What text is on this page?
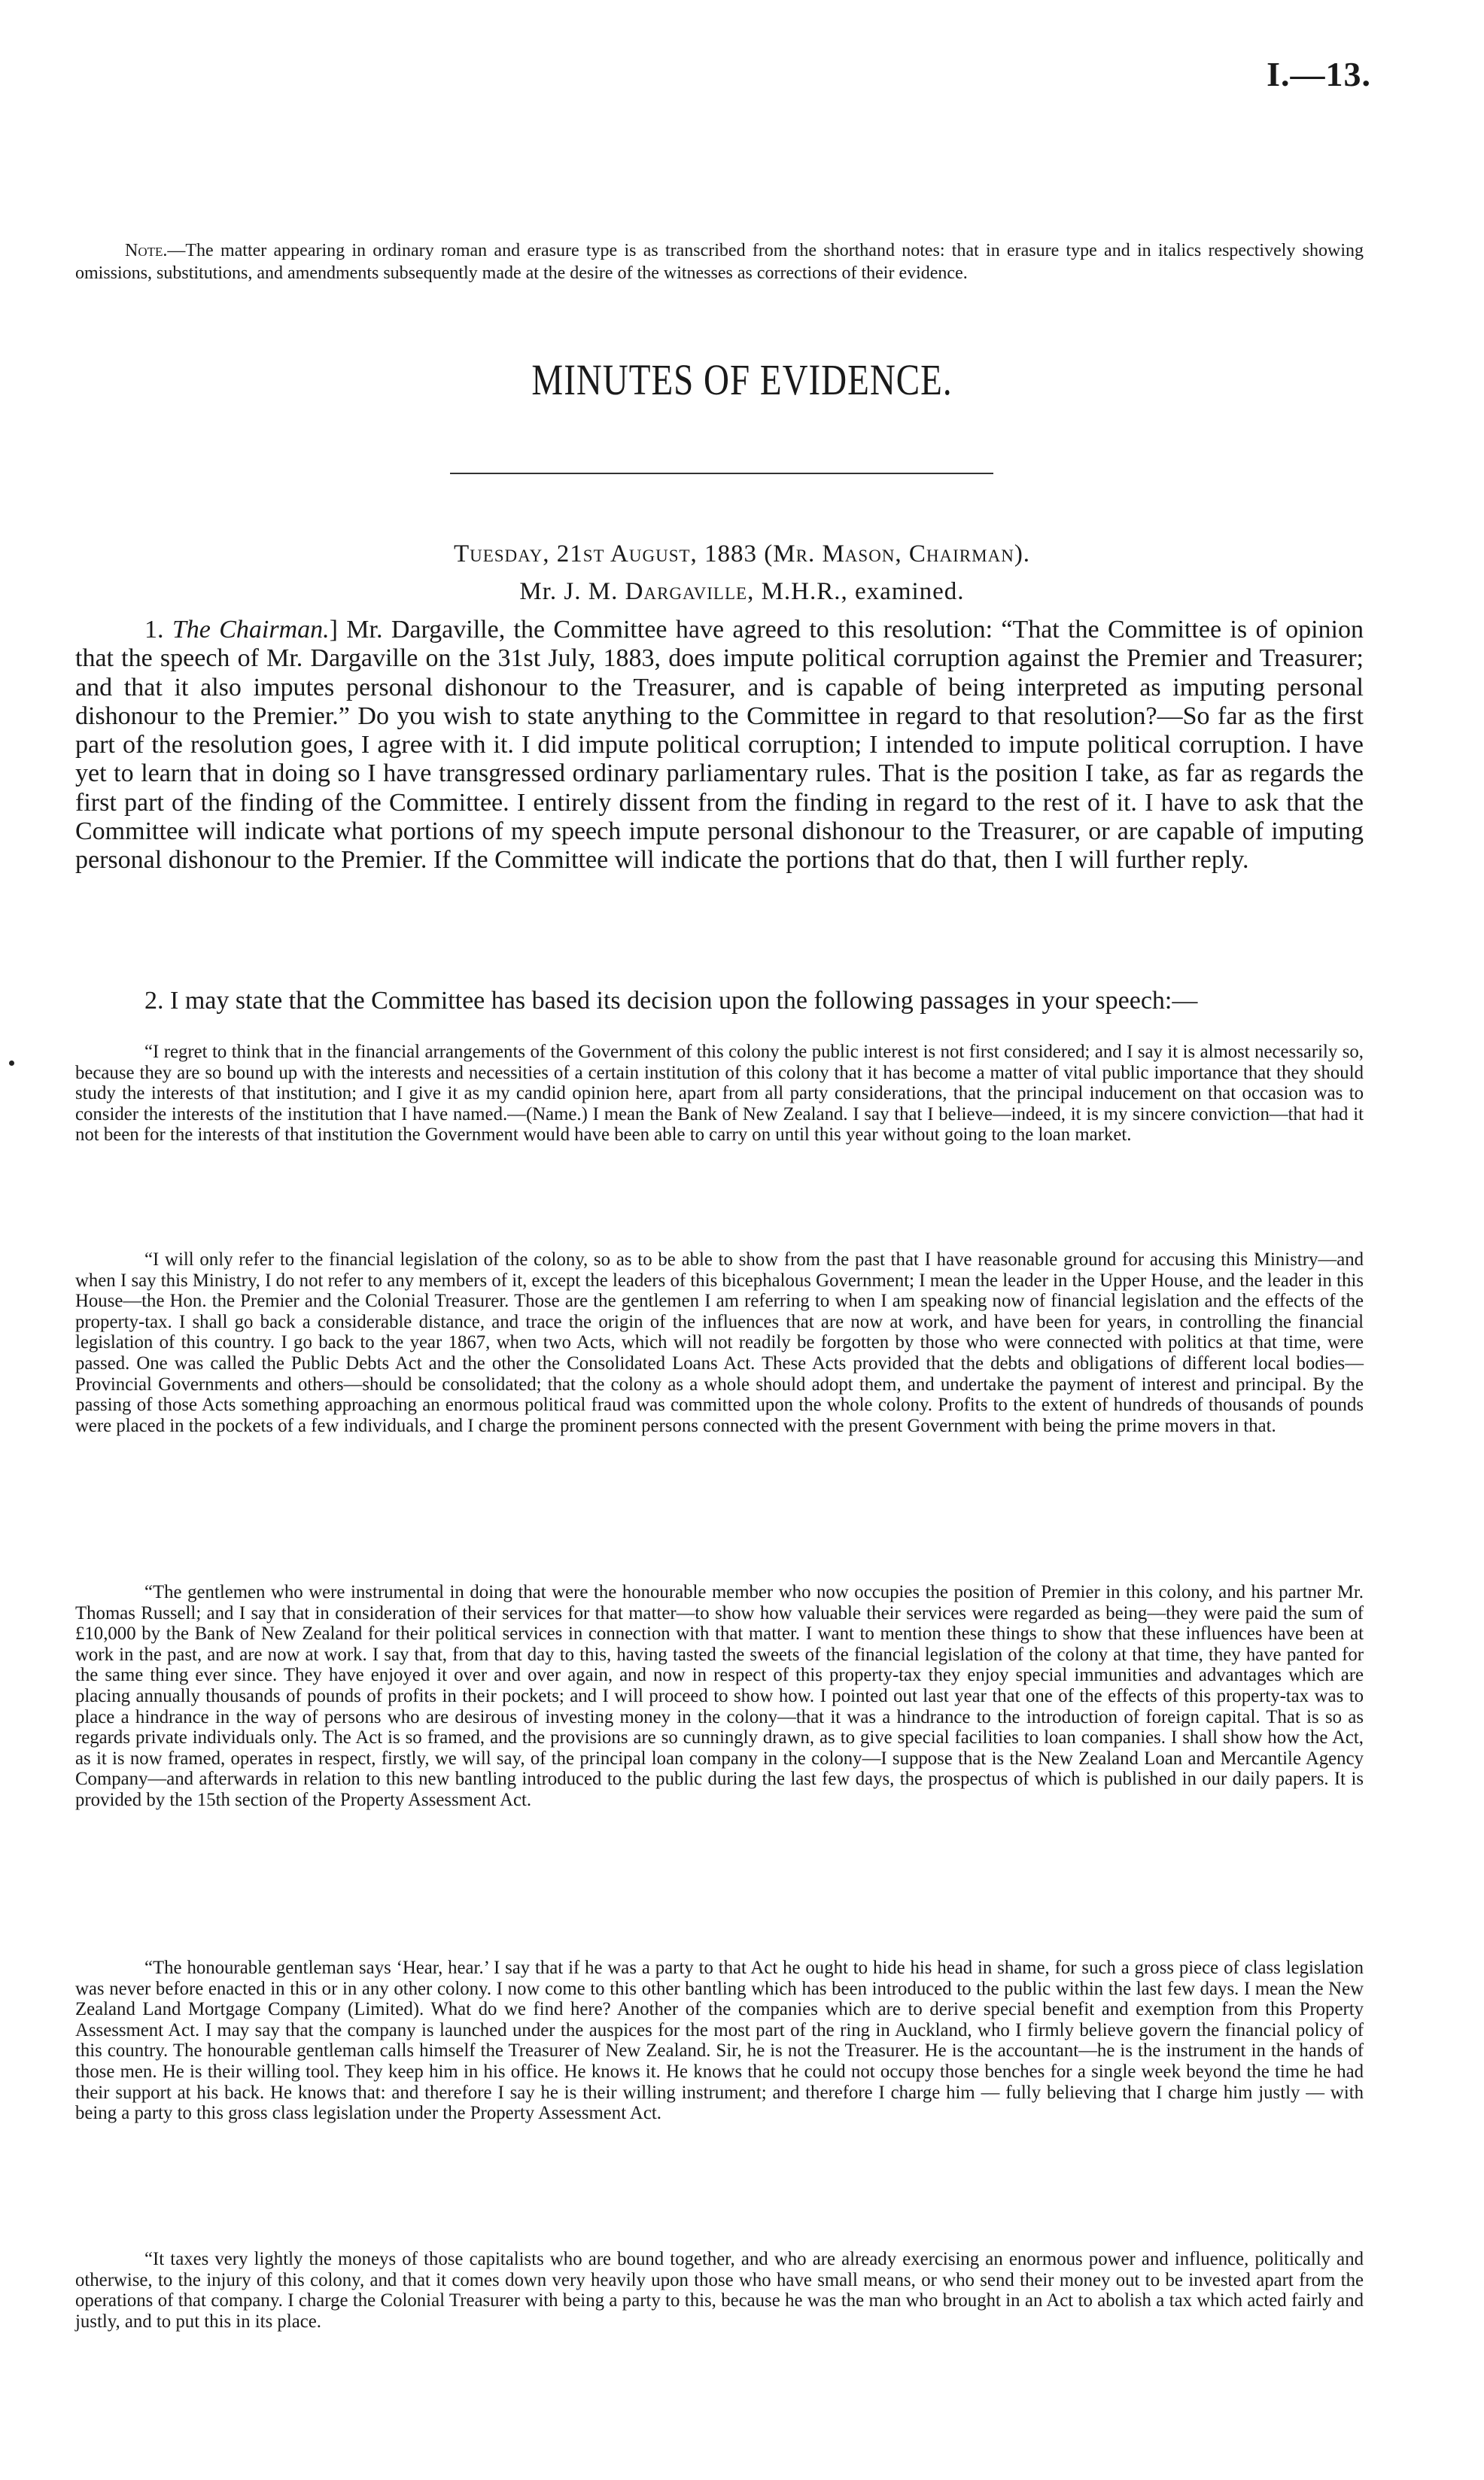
I.—13.
Note.—The matter appearing in ordinary roman and erasure type is as transcribed from the shorthand notes: that in erasure type and in italics respectively showing omissions, substitutions, and amendments subsequently made at the desire of the witnesses as corrections of their evidence.
MINUTES OF EVIDENCE.
Tuesday, 21st August, 1883 (Mr. Mason, Chairman).
Mr. J. M. Dargaville, M.H.R., examined.

1. The Chairman.] Mr. Dargaville, the Committee have agreed to this resolution: “That the Committee is of opinion that the speech of Mr. Dargaville on the 31st July, 1883, does impute political corruption against the Premier and Treasurer; and that it also imputes personal dishonour to the Treasurer, and is capable of being interpreted as imputing personal dishonour to the Premier.” Do you wish to state anything to the Committee in regard to that resolution?—So far as the first part of the resolution goes, I agree with it. I did impute political corruption; I intended to impute political corruption. I have yet to learn that in doing so I have transgressed ordinary parliamentary rules. That is the position I take, as far as regards the first part of the finding of the Committee. I entirely dissent from the finding in regard to the rest of it. I have to ask that the Committee will indicate what portions of my speech impute personal dishonour to the Treasurer, or are capable of imputing personal dishonour to the Premier. If the Committee will indicate the portions that do that, then I will further reply.

2. I may state that the Committee has based its decision upon the following passages in your speech:—

“I regret to think that in the financial arrangements of the Government of this colony the public interest is not first considered; and I say it is almost necessarily so, because they are so bound up with the interests and necessities of a certain institution of this colony that it has become a matter of vital public importance that they should study the interests of that institution; and I give it as my candid opinion here, apart from all party considerations, that the principal inducement on that occasion was to consider the interests of the institution that I have named.—(Name.) I mean the Bank of New Zealand. I say that I believe—indeed, it is my sincere conviction—that had it not been for the interests of that institution the Government would have been able to carry on until this year without going to the loan market.

“I will only refer to the financial legislation of the colony, so as to be able to show from the past that I have reasonable ground for accusing this Ministry—and when I say this Ministry, I do not refer to any members of it, except the leaders of this bicephalous Government; I mean the leader in the Upper House, and the leader in this House—the Hon. the Premier and the Colonial Treasurer. Those are the gentlemen I am referring to when I am speaking now of financial legislation and the effects of the property-tax. I shall go back a considerable distance, and trace the origin of the influences that are now at work, and have been for years, in controlling the financial legislation of this country. I go back to the year 1867, when two Acts, which will not readily be forgotten by those who were connected with politics at that time, were passed. One was called the Public Debts Act and the other the Consolidated Loans Act. These Acts provided that the debts and obligations of different local bodies—Provincial Governments and others—should be consolidated; that the colony as a whole should adopt them, and undertake the payment of interest and principal. By the passing of those Acts something approaching an enormous political fraud was committed upon the whole colony. Profits to the extent of hundreds of thousands of pounds were placed in the pockets of a few individuals, and I charge the prominent persons connected with the present Government with being the prime movers in that.

“The gentlemen who were instrumental in doing that were the honourable member who now occupies the position of Premier in this colony, and his partner Mr. Thomas Russell; and I say that in consideration of their services for that matter—to show how valuable their services were regarded as being—they were paid the sum of £10,000 by the Bank of New Zealand for their political services in connection with that matter. I want to mention these things to show that these influences have been at work in the past, and are now at work. I say that, from that day to this, having tasted the sweets of the financial legislation of the colony at that time, they have panted for the same thing ever since. They have enjoyed it over and over again, and now in respect of this property-tax they enjoy special immunities and advantages which are placing annually thousands of pounds of profits in their pockets; and I will proceed to show how. I pointed out last year that one of the effects of this property-tax was to place a hindrance in the way of persons who are desirous of investing money in the colony—that it was a hindrance to the introduction of foreign capital. That is so as regards private individuals only. The Act is so framed, and the provisions are so cunningly drawn, as to give special facilities to loan companies. I shall show how the Act, as it is now framed, operates in respect, firstly, we will say, of the principal loan company in the colony—I suppose that is the New Zealand Loan and Mercantile Agency Company—and afterwards in relation to this new bantling introduced to the public during the last few days, the prospectus of which is published in our daily papers. It is provided by the 15th section of the Property Assessment Act.

“The honourable gentleman says ‘Hear, hear.’ I say that if he was a party to that Act he ought to hide his head in shame, for such a gross piece of class legislation was never before enacted in this or in any other colony. I now come to this other bantling which has been introduced to the public within the last few days. I mean the New Zealand Land Mortgage Company (Limited). What do we find here? Another of the companies which are to derive special benefit and exemption from this Property Assessment Act. I may say that the company is launched under the auspices for the most part of the ring in Auckland, who I firmly believe govern the financial policy of this country. The honourable gentleman calls himself the Treasurer of New Zealand. Sir, he is not the Treasurer. He is the accountant—he is the instrument in the hands of those men. He is their willing tool. They keep him in his office. He knows it. He knows that he could not occupy those benches for a single week beyond the time he had their support at his back. He knows that: and therefore I say he is their willing instrument; and therefore I charge him — fully believing that I charge him justly — with being a party to this gross class legislation under the Property Assessment Act.

“It taxes very lightly the moneys of those capitalists who are bound together, and who are already exercising an enormous power and influence, politically and otherwise, to the injury of this colony, and that it comes down very heavily upon those who have small means, or who send their money out to be invested apart from the operations of that company. I charge the Colonial Treasurer with being a party to this, because he was the man who brought in an Act to abolish a tax which acted fairly and justly, and to put this in its place.
